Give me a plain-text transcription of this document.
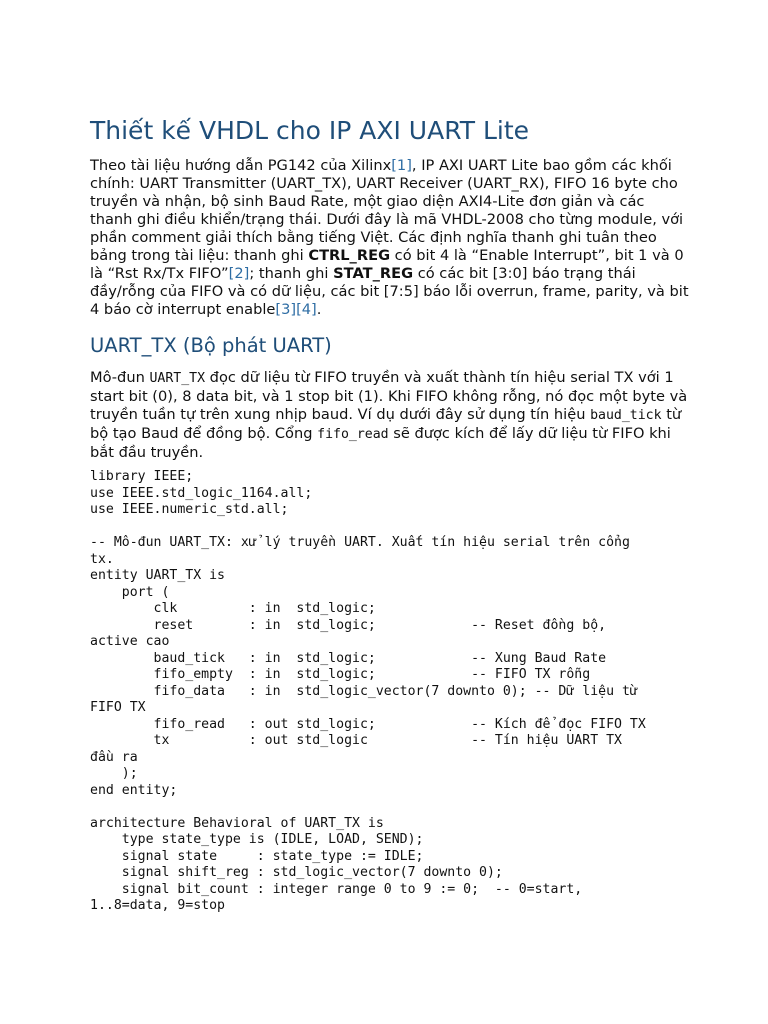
Thiết kế VHDL cho IP AXI UART Lite

Theo tài liệu hướng dẫn PG142 của Xilinx[1], IP AXI UART Lite bao gồm các khối chính: UART Transmitter (UART_TX), UART Receiver (UART_RX), FIFO 16 byte cho truyền và nhận, bộ sinh Baud Rate, một giao diện AXI4-Lite đơn giản và các thanh ghi điều khiển/trạng thái. Dưới đây là mã VHDL-2008 cho từng module, với phần comment giải thích bằng tiếng Việt. Các định nghĩa thanh ghi tuân theo bảng trong tài liệu: thanh ghi CTRL_REG có bit 4 là “Enable Interrupt”, bit 1 và 0 là “Rst Rx/Tx FIFO”[2]; thanh ghi STAT_REG có các bit [3:0] báo trạng thái đầy/rỗng của FIFO và có dữ liệu, các bit [7:5] báo lỗi overrun, frame, parity, và bit 4 báo cờ interrupt enable[3][4].

UART_TX (Bộ phát UART)

Mô-đun UART_TX đọc dữ liệu từ FIFO truyền và xuất thành tín hiệu serial TX với 1 start bit (0), 8 data bit, và 1 stop bit (1). Khi FIFO không rỗng, nó đọc một byte và truyền tuần tự trên xung nhịp baud. Ví dụ dưới đây sử dụng tín hiệu baud_tick từ bộ tạo Baud để đồng bộ. Cổng fifo_read sẽ được kích để lấy dữ liệu từ FIFO khi bắt đầu truyền.

library IEEE;
use IEEE.std_logic_1164.all;
use IEEE.numeric_std.all;

-- Mô-đun UART_TX: xử lý truyền UART. Xuất tín hiệu serial trên cổng
tx.
entity UART_TX is
port (
clk         : in  std_logic;
reset       : in  std_logic;            -- Reset đồng bộ,
active cao
baud_tick   : in  std_logic;            -- Xung Baud Rate
fifo_empty  : in  std_logic;            -- FIFO TX rỗng
fifo_data   : in  std_logic_vector(7 downto 0); -- Dữ liệu từ
FIFO TX
fifo_read   : out std_logic;            -- Kích để đọc FIFO TX
tx          : out std_logic             -- Tín hiệu UART TX
đầu ra
);
end entity;

architecture Behavioral of UART_TX is
type state_type is (IDLE, LOAD, SEND);
signal state     : state_type := IDLE;
signal shift_reg : std_logic_vector(7 downto 0);
signal bit_count : integer range 0 to 9 := 0;  -- 0=start,
1..8=data, 9=stop
